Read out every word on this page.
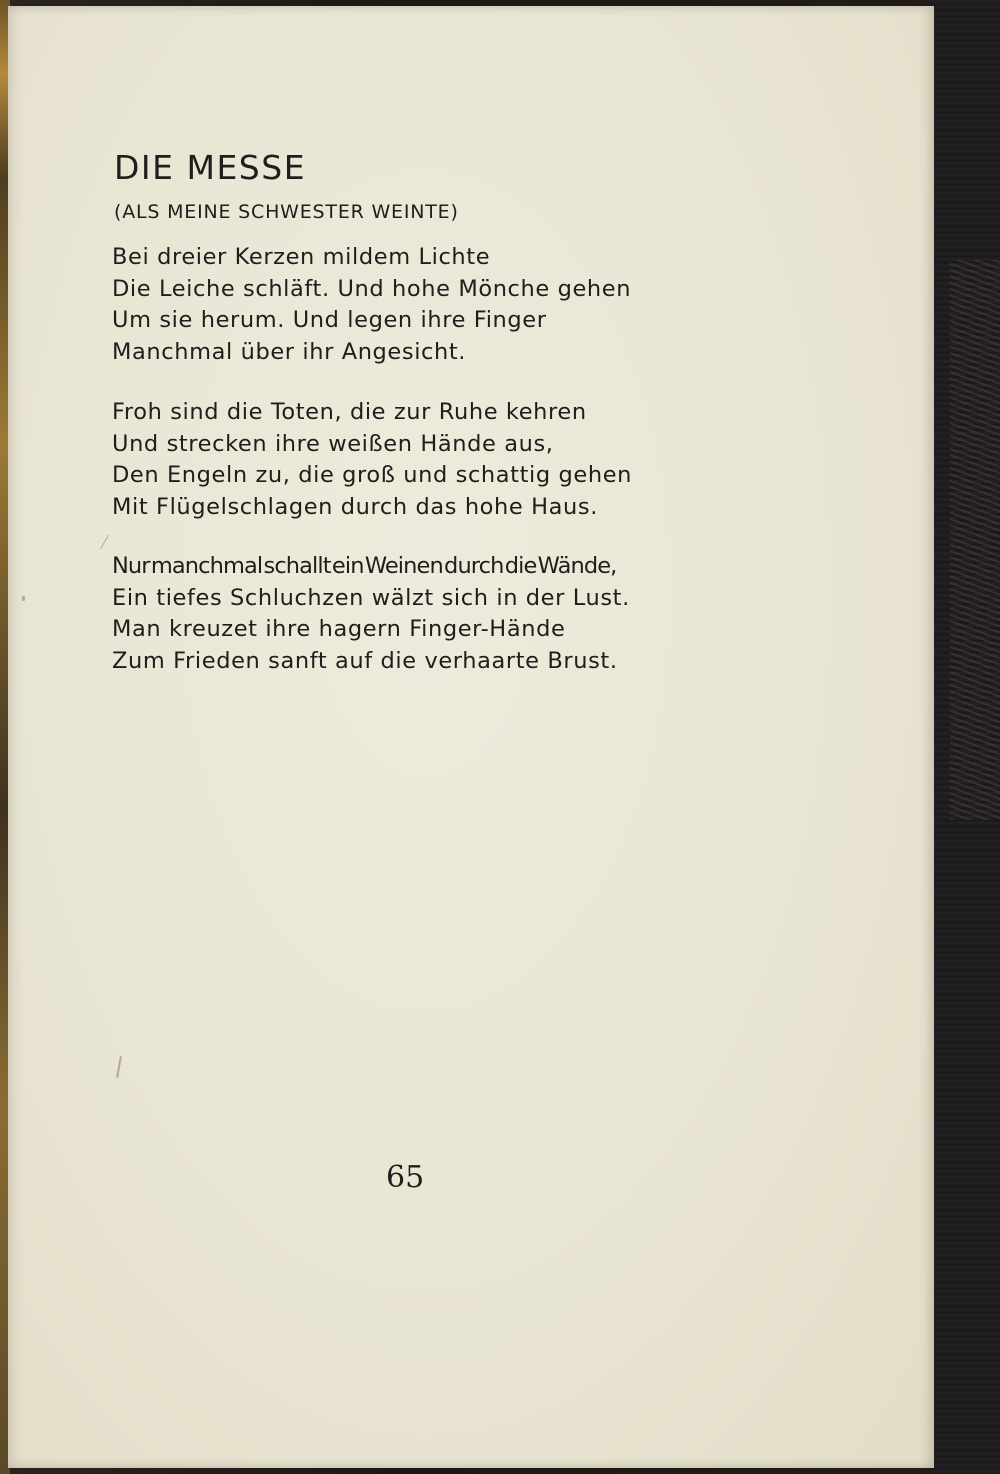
DIE MESSE
(ALS MEINE SCHWESTER WEINTE)
Bei dreier Kerzen mildem Lichte
Die Leiche schläft. Und hohe Mönche gehen
Um sie herum. Und legen ihre Finger
Manchmal über ihr Angesicht.
Froh sind die Toten, die zur Ruhe kehren
Und strecken ihre weißen Hände aus,
Den Engeln zu, die groß und schattig gehen
Mit Flügelschlagen durch das hohe Haus.
Nur manchmal schallt ein Weinen durch die Wände,
Ein tiefes Schluchzen wälzt sich in der Lust.
Man kreuzet ihre hagern Finger-Hände
Zum Frieden sanft auf die verhaarte Brust.
65
